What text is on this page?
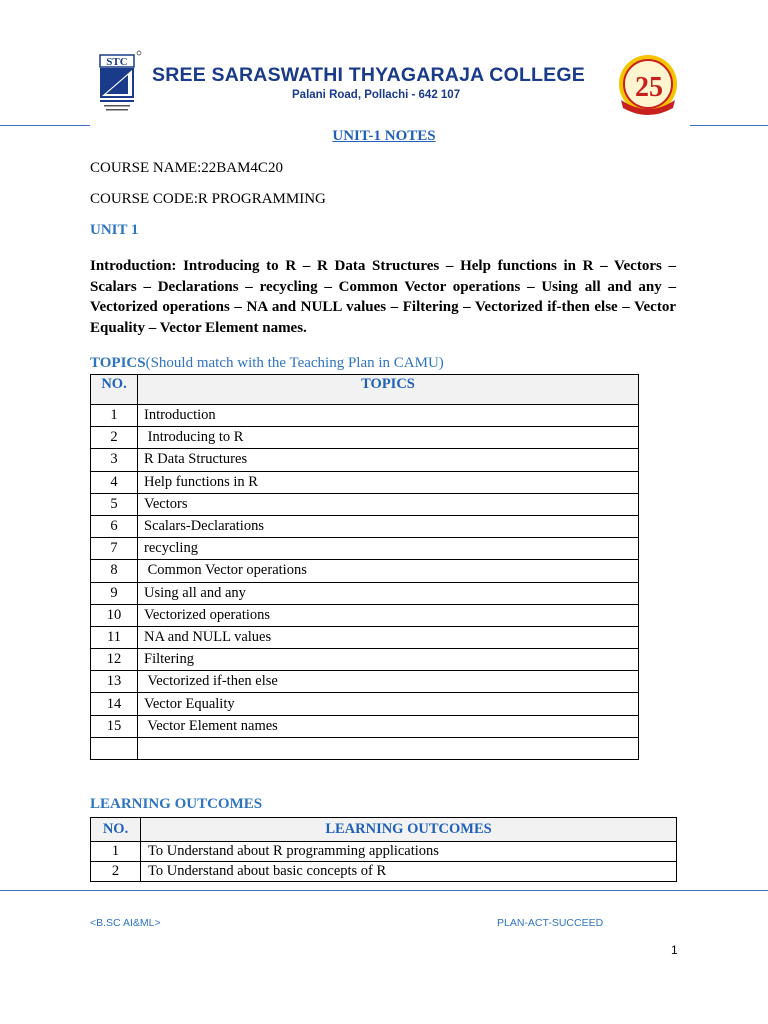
STC
SREE SARASWATHI THYAGARAJA COLLEGE
Palani Road, Pollachi - 642 107	25
UNIT-1 NOTES
COURSE NAME:22BAM4C20
COURSE CODE:R PROGRAMMING
UNIT 1
Introduction: Introducing to R – R Data Structures – Help functions in R – Vectors – Scalars – Declarations – recycling – Common Vector operations – Using all and any – Vectorized operations – NA and NULL values – Filtering – Vectorized if-then else – Vector Equality – Vector Element names.
TOPICS(Should match with the Teaching Plan in CAMU)
NO.	TOPICS
1	Introduction
2	Introducing to R
3	R Data Structures
4	Help functions in R
5	Vectors
6	Scalars-Declarations
7	recycling
8	Common Vector operations
9	Using all and any
10	Vectorized operations
11	NA and NULL values
12	Filtering
13	Vectorized if-then else
14	Vector Equality
15	Vector Element names

LEARNING OUTCOMES
NO.	LEARNING OUTCOMES
1	To Understand about R programming applications
2	To Understand about basic concepts of R
<B.SC AI&ML>	PLAN-ACT-SUCCEED
1
